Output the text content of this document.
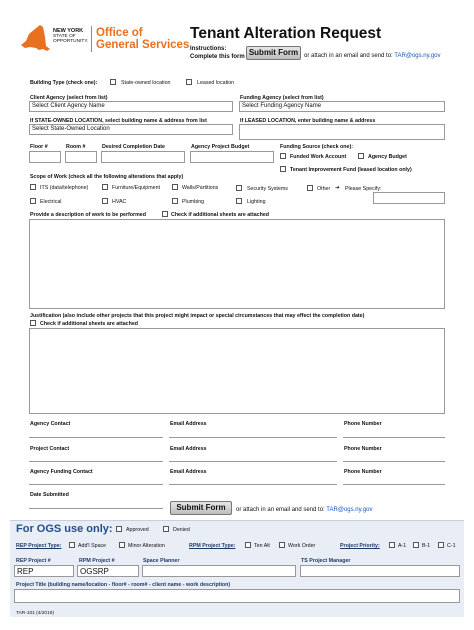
NEW YORK
STATE OF
OPPORTUNITY.
Office of
General Services
Tenant Alteration Request
Instructions:
Complete this form Submit Form or attach in an email and send to: TAR@ogs.ny.gov
Building Type (check one):	State-owned location	Leased location
Client Agency (select from list)
Select Client Agency Name
Funding Agency (select from list)
Select Funding Agency Name
If STATE-OWNED LOCATION, select building name & address from list
Select State-Owned Location
If LEASED LOCATION, enter building name & address
Floor #	Room #	Desired Completion Date	Agency Project Budget	Funding Source (check one):
Funded Work Account	Agency Budget
Tenant Improvement Fund (leased location only)
Scope of Work (check all the following alterations that apply)
ITS (data/telephone)	Furniture/Equipment	Walls/Partitions	Security Systems	Other ➔ Please Specify:
Electrical	HVAC	Plumbing	Lighting
Provide a description of work to be performed	Check if additional sheets are attached
Justification (also include other projects that this project might impact or special circumstances that may effect the completion date)
Check if additional sheets are attached
Agency Contact	Email Address	Phone Number
Project Contact	Email Address	Phone Number
Agency Funding Contact	Email Address	Phone Number
Date Submitted
Submit Form	or attach in an email and send to: TAR@ogs.ny.gov
For OGS use only:	Approved	Denied
REP Project Type:	Add'l Space	Minor Alteration	RPM Project Type:	Ten Alt	Work Order	Project Priority:	A-1	B-1	C-1
REP Project #	RPM Project #	Space Planner	TS Project Manager
REP	OGSRP
Project Title (building name/location - floor# - room# - client name - work description)
TAR-101 (4/2019)
